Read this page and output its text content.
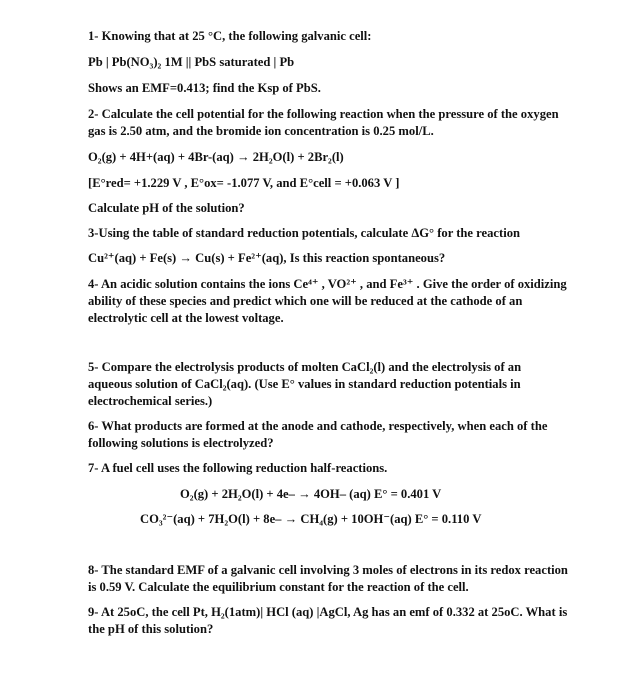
1- Knowing that at 25 °C, the following galvanic cell:

Pb | Pb(NO₃)₂ 1M || PbS saturated | Pb

Shows an EMF=0.413; find the Ksp of PbS.

2- Calculate the cell potential for the following reaction when the pressure of the oxygen gas is 2.50 atm, and the bromide ion concentration is 0.25 mol/L.

O₂(g) + 4H+(aq) + 4Br-(aq) → 2H₂O(l) + 2Br₂(l)

[E°red= +1.229 V , E°ox= -1.077 V, and E°cell = +0.063 V ]

Calculate pH of the solution?

3-Using the table of standard reduction potentials, calculate ΔG° for the reaction

Cu²⁺(aq) + Fe(s) → Cu(s) + Fe²⁺(aq), Is this reaction spontaneous?

4- An acidic solution contains the ions Ce⁴⁺ , VO²⁺ , and Fe³⁺ . Give the order of oxidizing ability of these species and predict which one will be reduced at the cathode of an electrolytic cell at the lowest voltage.

5- Compare the electrolysis products of molten CaCl₂(l) and the electrolysis of an aqueous solution of CaCl₂(aq). (Use E° values in standard reduction potentials in electrochemical series.)

6- What products are formed at the anode and cathode, respectively, when each of the following solutions is electrolyzed?

7- A fuel cell uses the following reduction half-reactions.

O₂(g) + 2H₂O(l) + 4e– → 4OH– (aq) E° = 0.401 V

CO₃²⁻(aq) + 7H₂O(l) + 8e– → CH₄(g) + 10OH⁻(aq) E° = 0.110 V

8- The standard EMF of a galvanic cell involving 3 moles of electrons in its redox reaction is 0.59 V. Calculate the equilibrium constant for the reaction of the cell.

9- At 25oC, the cell Pt, H₂(1atm)| HCl (aq) |AgCl, Ag has an emf of 0.332 at 25oC. What is the pH of this solution?
